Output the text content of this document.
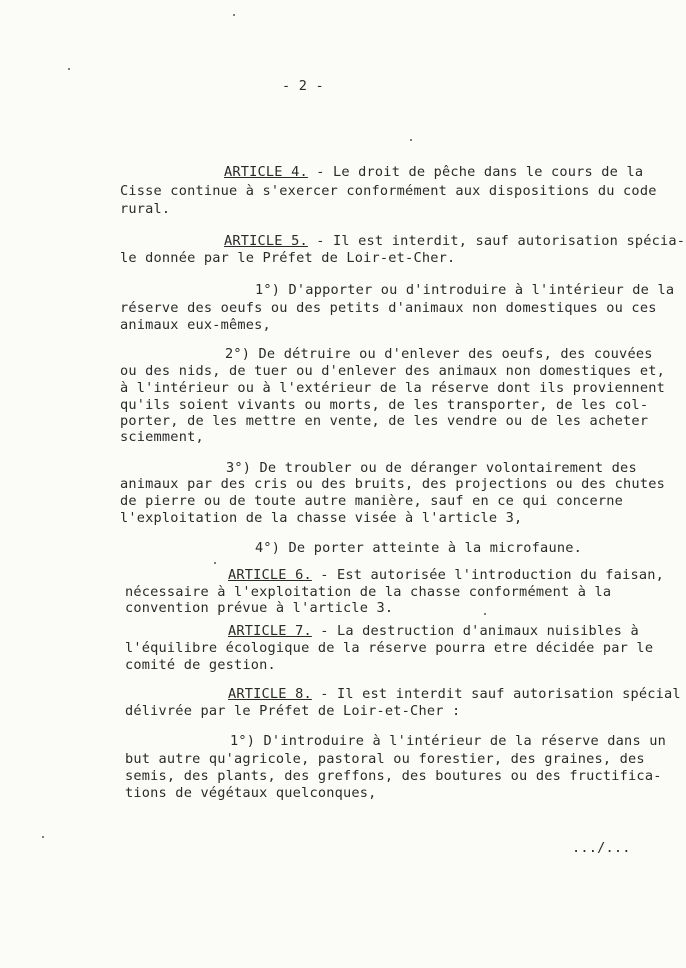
- 2 -
ARTICLE 4. - Le droit de pêche dans le cours de la
Cisse continue à s'exercer conformément aux dispositions du code
rural.
ARTICLE 5. - Il est interdit, sauf autorisation spécia-
le donnée par le Préfet de Loir-et-Cher.
1°) D'apporter ou d'introduire à l'intérieur de la
réserve des oeufs ou des petits d'animaux non domestiques ou ces
animaux eux-mêmes,
2°) De détruire ou d'enlever des oeufs, des couvées
ou des nids, de tuer ou d'enlever des animaux non domestiques et,
à l'intérieur ou à l'extérieur de la réserve dont ils proviennent
qu'ils soient vivants ou morts, de les transporter, de les col-
porter, de les mettre en vente, de les vendre ou de les acheter
sciemment,
3°) De troubler ou de déranger volontairement des
animaux par des cris ou des bruits, des projections ou des chutes
de pierre ou de toute autre manière, sauf en ce qui concerne
l'exploitation de la chasse visée à l'article 3,
4°) De porter atteinte à la microfaune.
ARTICLE 6. - Est autorisée l'introduction du faisan,
nécessaire à l'exploitation de la chasse conformément à la
convention prévue à l'article 3.
ARTICLE 7. - La destruction d'animaux nuisibles à
l'équilibre écologique de la réserve pourra etre décidée par le
comité de gestion.
ARTICLE 8. - Il est interdit sauf autorisation spécial
délivrée par le Préfet de Loir-et-Cher :
1°) D'introduire à l'intérieur de la réserve dans un
but autre qu'agricole, pastoral ou forestier, des graines, des
semis, des plants, des greffons, des boutures ou des fructifica-
tions de végétaux quelconques,
.../...
